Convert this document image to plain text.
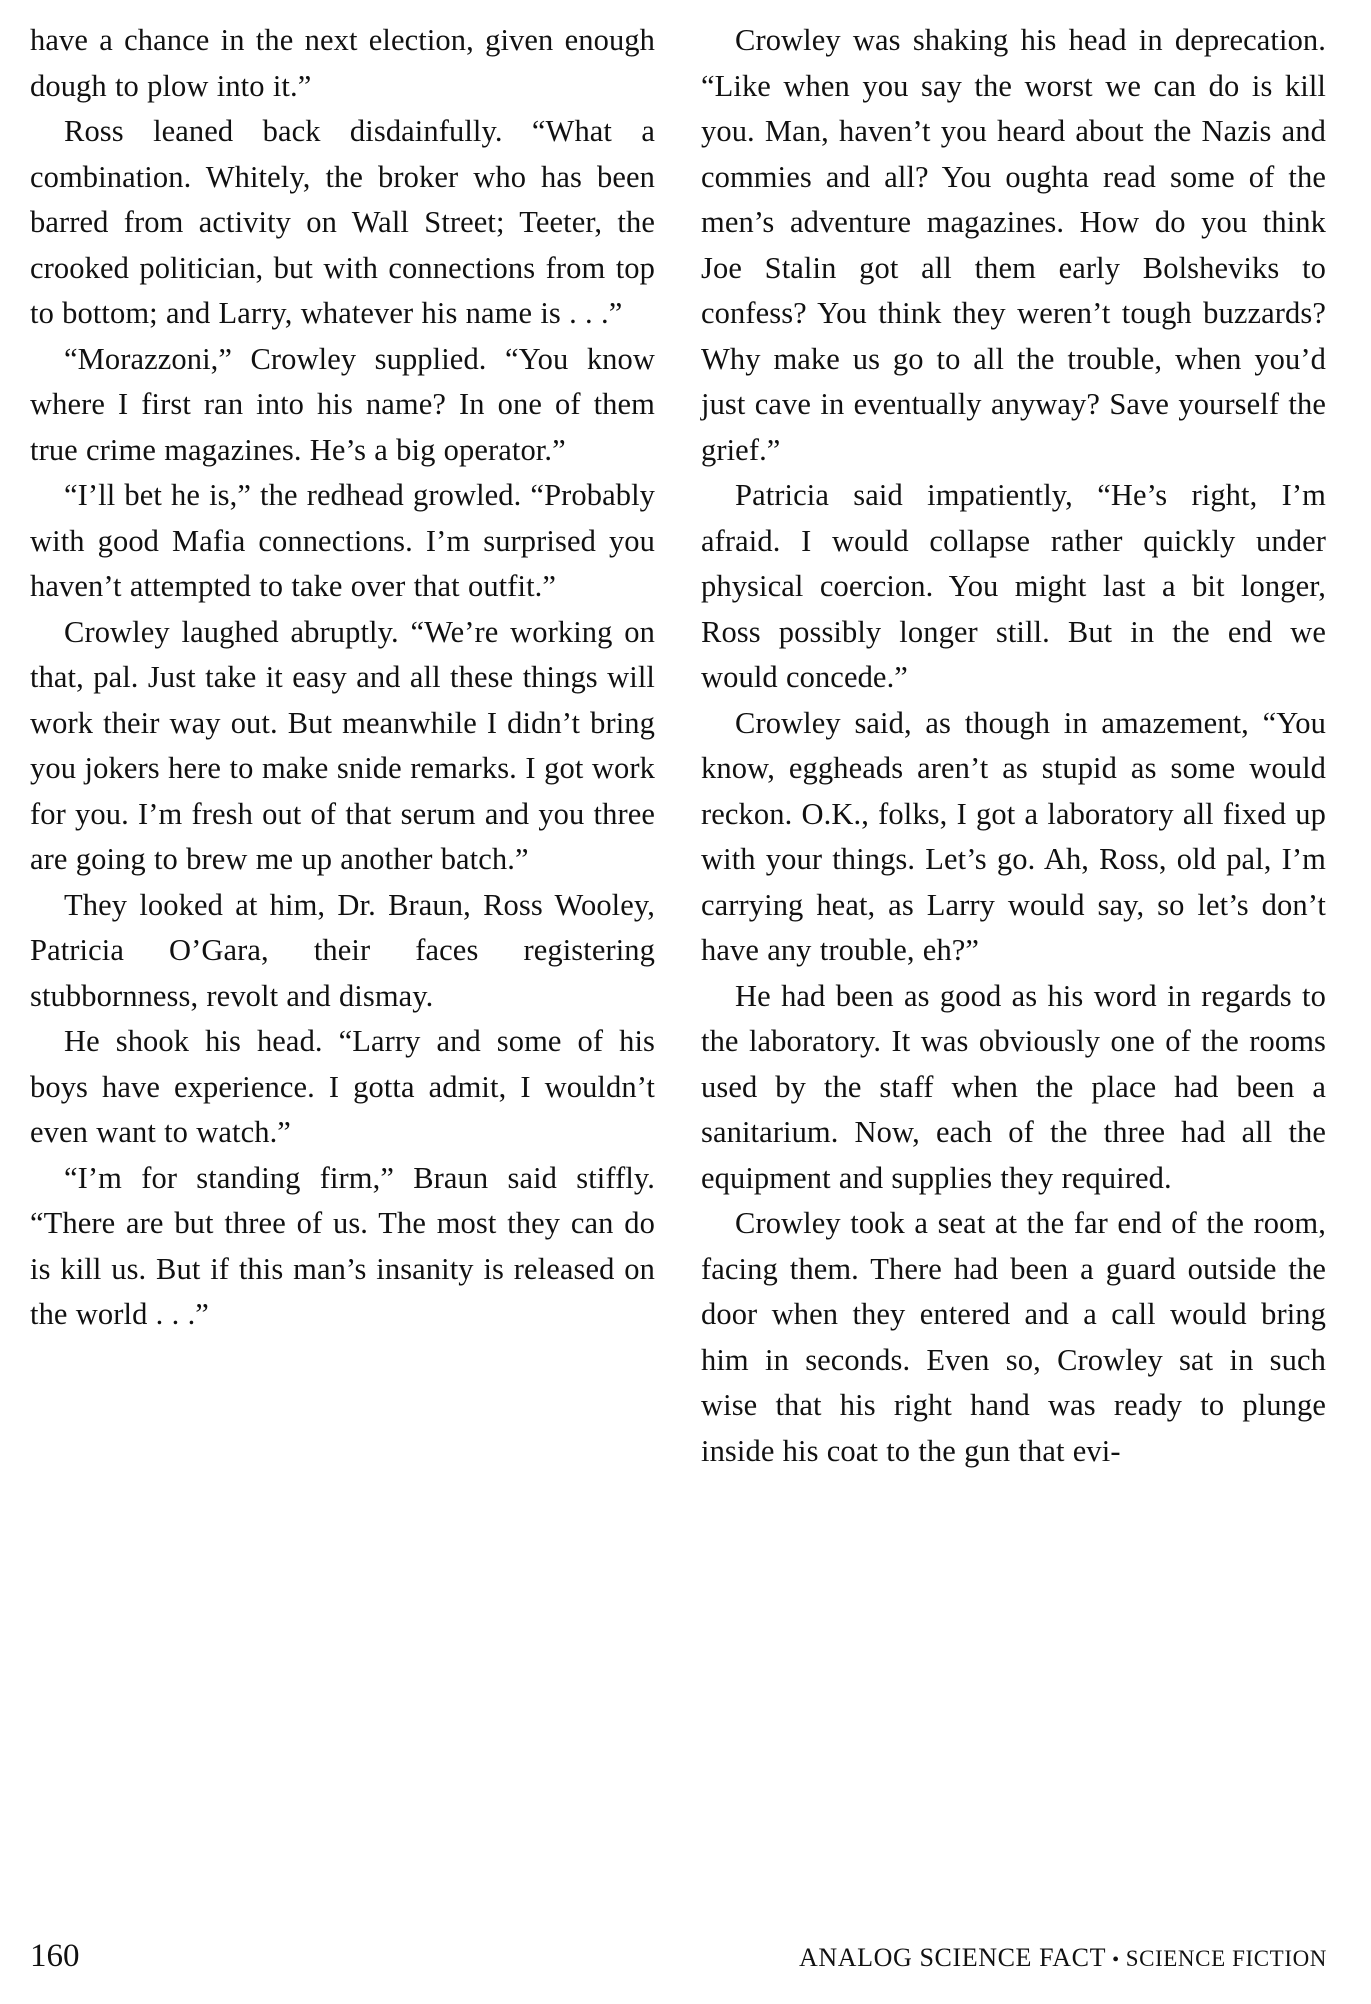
have a chance in the next election, given enough dough to plow into it.”

Ross leaned back disdainfully. “What a combination. Whitely, the broker who has been barred from activity on Wall Street; Teeter, the crooked politician, but with connections from top to bottom; and Larry, whatever his name is . . .”

“Morazzoni,” Crowley supplied. “You know where I first ran into his name? In one of them true crime magazines. He’s a big operator.”

“I’ll bet he is,” the redhead growled. “Probably with good Mafia connections. I’m surprised you haven’t attempted to take over that outfit.”

Crowley laughed abruptly. “We’re working on that, pal. Just take it easy and all these things will work their way out. But meanwhile I didn’t bring you jokers here to make snide remarks. I got work for you. I’m fresh out of that serum and you three are going to brew me up another batch.”

They looked at him, Dr. Braun, Ross Wooley, Patricia O’Gara, their faces registering stubbornness, revolt and dismay.

He shook his head. “Larry and some of his boys have experience. I gotta admit, I wouldn’t even want to watch.”

“I’m for standing firm,” Braun said stiffly. “There are but three of us. The most they can do is kill us. But if this man’s insanity is released on the world . . .”

Crowley was shaking his head in deprecation. “Like when you say the worst we can do is kill you. Man, haven’t you heard about the Nazis and commies and all? You oughta read some of the men’s adventure magazines. How do you think Joe Stalin got all them early Bolsheviks to confess? You think they weren’t tough buzzards? Why make us go to all the trouble, when you’d just cave in eventually anyway? Save yourself the grief.”

Patricia said impatiently, “He’s right, I’m afraid. I would collapse rather quickly under physical coercion. You might last a bit longer, Ross possibly longer still. But in the end we would concede.”

Crowley said, as though in amazement, “You know, eggheads aren’t as stupid as some would reckon. O.K., folks, I got a laboratory all fixed up with your things. Let’s go. Ah, Ross, old pal, I’m carrying heat, as Larry would say, so let’s don’t have any trouble, eh?”

He had been as good as his word in regards to the laboratory. It was obviously one of the rooms used by the staff when the place had been a sanitarium. Now, each of the three had all the equipment and supplies they required.

Crowley took a seat at the far end of the room, facing them. There had been a guard outside the door when they entered and a call would bring him in seconds. Even so, Crowley sat in such wise that his right hand was ready to plunge inside his coat to the gun that evi-

160	ANALOG SCIENCE FACT • SCIENCE FICTION
